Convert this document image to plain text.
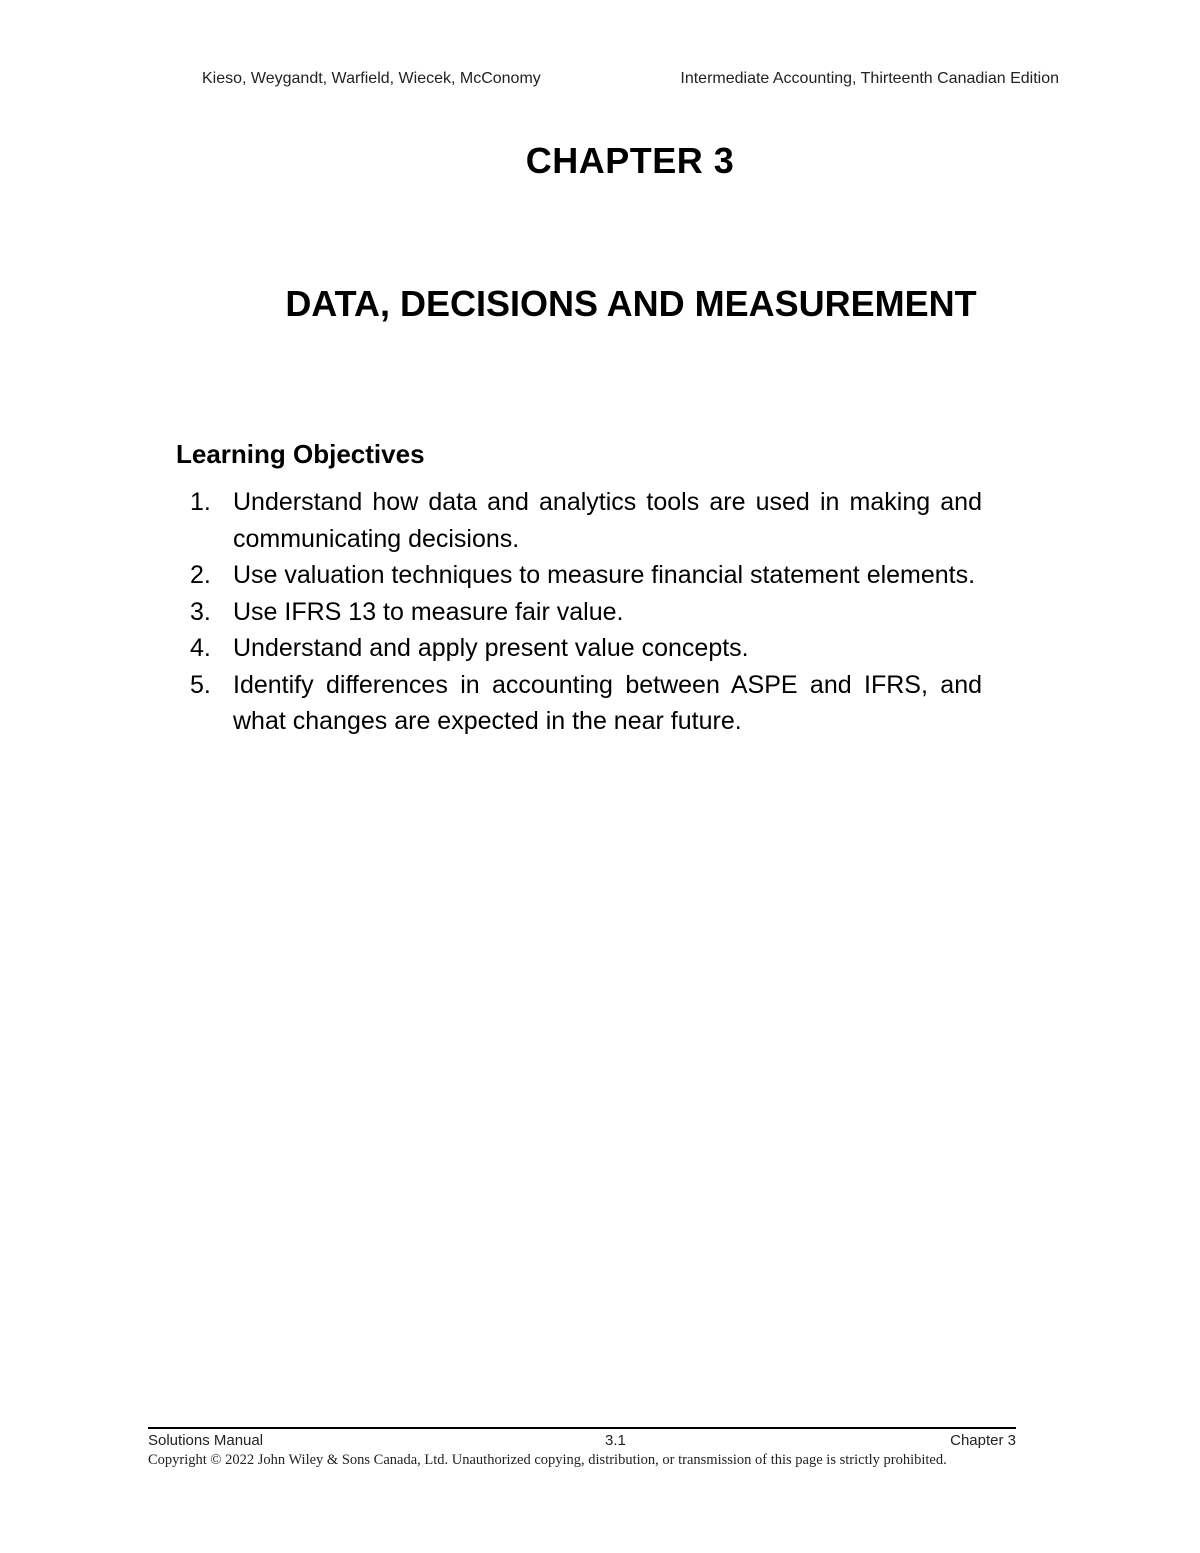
Kieso, Weygandt, Warfield, Wiecek, McConomy	Intermediate Accounting, Thirteenth Canadian Edition
CHAPTER 3
DATA, DECISIONS AND MEASUREMENT
Learning Objectives
1. Understand how data and analytics tools are used in making and communicating decisions.
2. Use valuation techniques to measure financial statement elements.
3. Use IFRS 13 to measure fair value.
4. Understand and apply present value concepts.
5. Identify differences in accounting between ASPE and IFRS, and what changes are expected in the near future.
Solutions Manual	3.1	Chapter 3
Copyright © 2022 John Wiley & Sons Canada, Ltd. Unauthorized copying, distribution, or transmission of this page is strictly prohibited.
